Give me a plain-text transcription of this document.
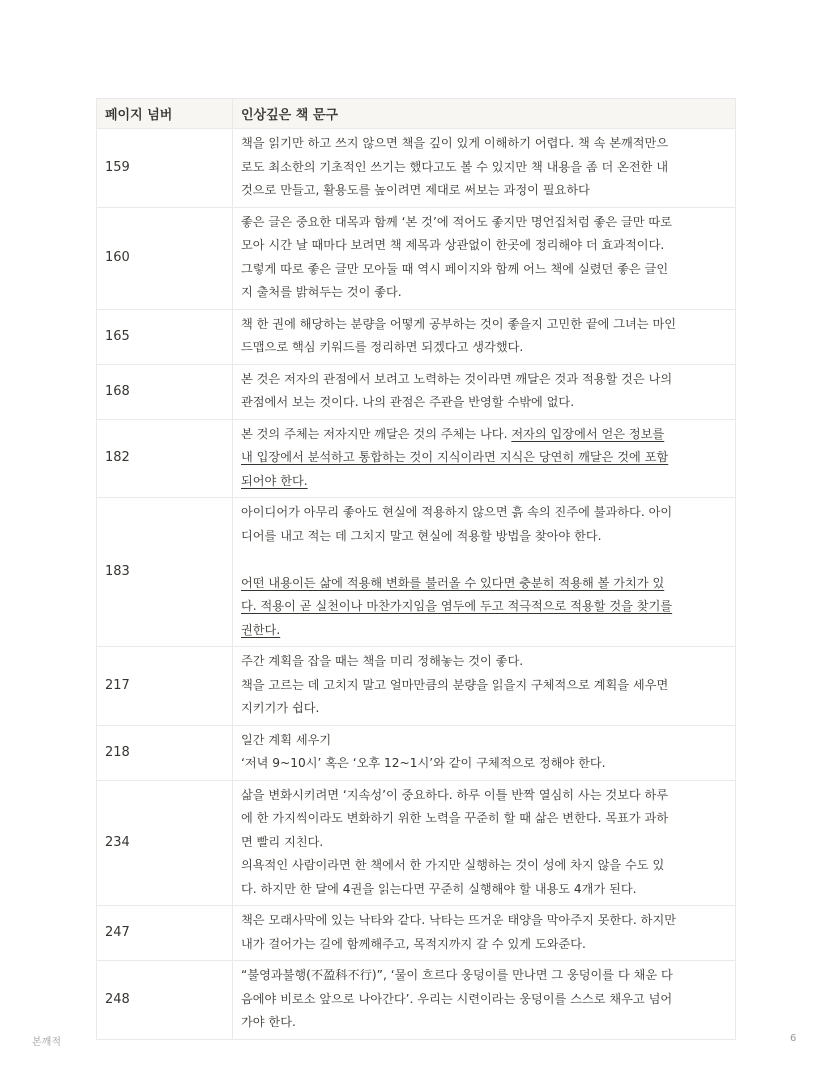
페이지 넘버	인상깊은 책 문구
159	책을 읽기만 하고 쓰지 않으면 책을 깊이 있게 이해하기 어렵다. 책 속 본깨적만으
로도 최소한의 기초적인 쓰기는 했다고도 볼 수 있지만 책 내용을 좀 더 온전한 내
것으로 만들고, 활용도를 높이려면 제대로 써보는 과정이 필요하다

160	좋은 글은 중요한 대목과 함께 ‘본 것’에 적어도 좋지만 명언집처럼 좋은 글만 따로
모아 시간 날 때마다 보려면 책 제목과 상관없이 한곳에 정리해야 더 효과적이다.
그렇게 따로 좋은 글만 모아둘 때 역시 페이지와 함께 어느 책에 실렸던 좋은 글인
지 출처를 밝혀두는 것이 좋다.

165	책 한 권에 해당하는 분량을 어떻게 공부하는 것이 좋을지 고민한 끝에 그녀는 마인
드맵으로 핵심 키워드를 정리하면 되겠다고 생각했다.

168	본 것은 저자의 관점에서 보려고 노력하는 것이라면 깨달은 것과 적용할 것은 나의
관점에서 보는 것이다. 나의 관점은 주관을 반영할 수밖에 없다.

182	본 것의 주체는 저자지만 깨달은 것의 주체는 나다. 저자의 입장에서 얻은 정보를
내 입장에서 분석하고 통합하는 것이 지식이라면 지식은 당연히 깨달은 것에 포함
되어야 한다.

183	아이디어가 아무리 좋아도 현실에 적용하지 않으면 흙 속의 진주에 불과하다. 아이
디어를 내고 적는 데 그치지 말고 현실에 적용할 방법을 찾아야 한다.
어떤 내용이든 삶에 적용해 변화를 불러올 수 있다면 충분히 적용해 볼 가치가 있
다. 적용이 곧 실천이나 마찬가지임을 염두에 두고 적극적으로 적용할 것을 찾기를
권한다.

217	주간 계획을 잡을 때는 책을 미리 정해놓는 것이 좋다.
책을 고르는 데 고치지 말고 얼마만큼의 분량을 읽을지 구체적으로 계획을 세우면
지키기가 쉽다.

218	일간 계획 세우기
‘저녁 9~10시’ 혹은 ‘오후 12~1시’와 같이 구체적으로 정해야 한다.

234	삶을 변화시키려면 ‘지속성’이 중요하다. 하루 이틀 반짝 열심히 사는 것보다 하루
에 한 가지씩이라도 변화하기 위한 노력을 꾸준히 할 때 삶은 변한다. 목표가 과하
면 빨리 지친다.
의욕적인 사람이라면 한 책에서 한 가지만 실행하는 것이 성에 차지 않을 수도 있
다. 하지만 한 달에 4권을 읽는다면 꾸준히 실행해야 할 내용도 4개가 된다.

247	책은 모래사막에 있는 낙타와 같다. 낙타는 뜨거운 태양을 막아주지 못한다. 하지만
내가 걸어가는 길에 함께해주고, 목적지까지 갈 수 있게 도와준다.

248	“불영과불행(不盈科不行)”, ‘물이 흐르다 웅덩이를 만나면 그 웅덩이를 다 채운 다
음에야 비로소 앞으로 나아간다’. 우리는 시련이라는 웅덩이를 스스로 채우고 넘어
가야 한다.
본깨적	6
